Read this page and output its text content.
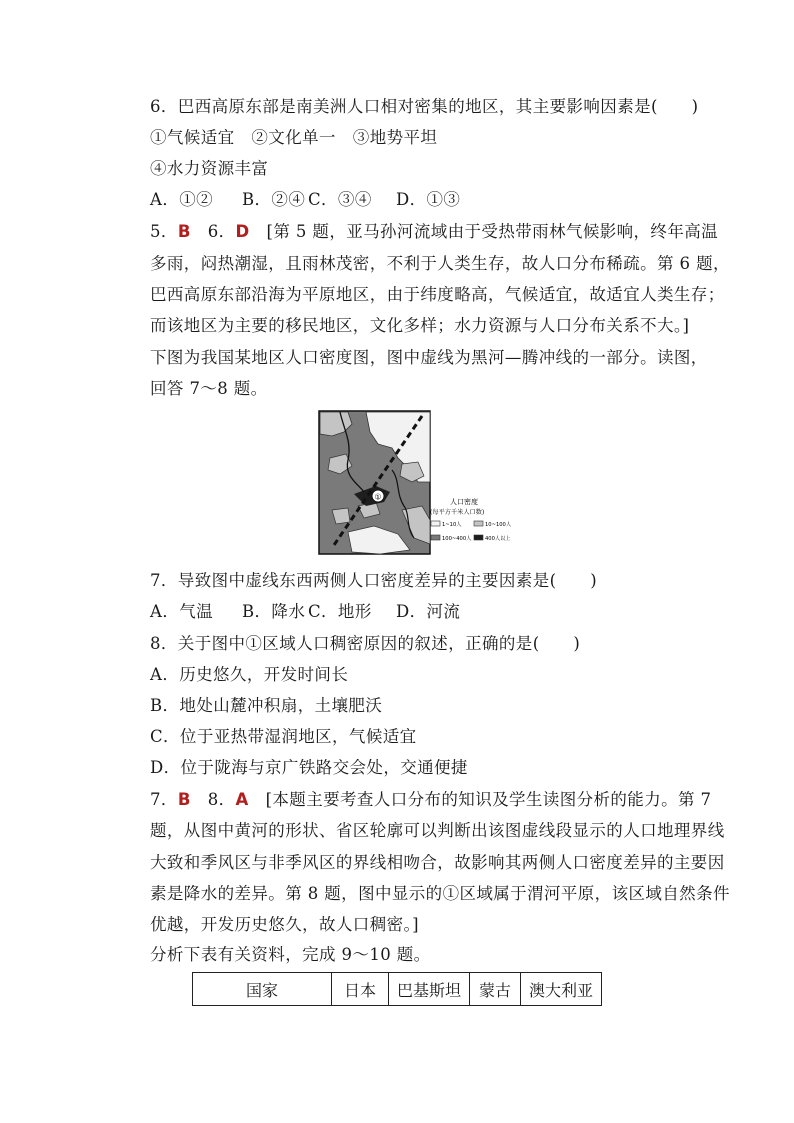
6．巴西高原东部是南美洲人口相对密集的地区，其主要影响因素是(　　)
①气候适宜　②文化单一　③地势平坦
④水力资源丰富
A．①② B．②④ C．③④ D．①③
5．B　6．D　[第 5 题，亚马孙河流域由于受热带雨林气候影响，终年高温
多雨，闷热潮湿，且雨林茂密，不利于人类生存，故人口分布稀疏。第 6 题，
巴西高原东部沿海为平原地区，由于纬度略高，气候适宜，故适宜人类生存；
而该地区为主要的移民地区，文化多样；水力资源与人口分布关系不大。]
下图为我国某地区人口密度图，图中虚线为黑河—腾冲线的一部分。读图，
回答 7～8 题。
①
人口密度
(每平方千米人口数)
1~10人	10~100人
100~400人	400人以上
7．导致图中虚线东西两侧人口密度差异的主要因素是(　　)
A．气温 B．降水 C．地形 D．河流
8．关于图中①区域人口稠密原因的叙述，正确的是(　　)
A．历史悠久，开发时间长
B．地处山麓冲积扇，土壤肥沃
C．位于亚热带湿润地区，气候适宜
D．位于陇海与京广铁路交会处，交通便捷
7．B　8．A　[本题主要考查人口分布的知识及学生读图分析的能力。第 7
题，从图中黄河的形状、省区轮廓可以判断出该图虚线段显示的人口地理界线
大致和季风区与非季风区的界线相吻合，故影响其两侧人口密度差异的主要因
素是降水的差异。第 8 题，图中显示的①区域属于渭河平原，该区域自然条件
优越，开发历史悠久，故人口稠密。]
分析下表有关资料，完成 9～10 题。
国家	日本	巴基斯坦	蒙古	澳大利亚
